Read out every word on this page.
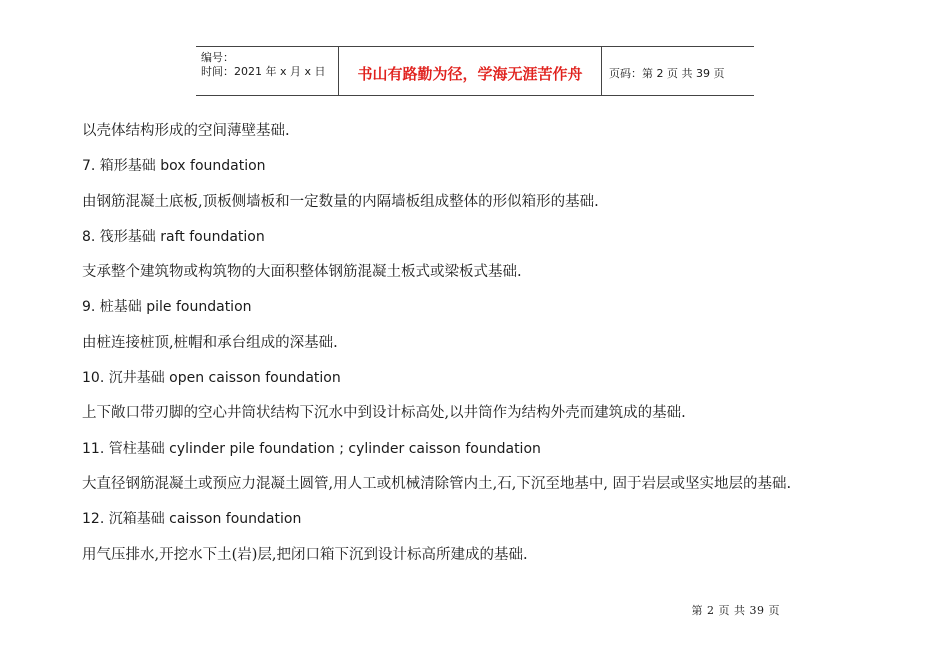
编号：
时间：2021 年 x 月 x 日	书山有路勤为径，学海无涯苦作舟 页码：第 2 页 共 39 页
以壳体结构形成的空间薄壁基础.
7. 箱形基础 box foundation
由钢筋混凝土底板,顶板侧墙板和一定数量的内隔墙板组成整体的形似箱形的基础.
8. 筏形基础 raft foundation
支承整个建筑物或构筑物的大面积整体钢筋混凝土板式或梁板式基础.
9. 桩基础 pile foundation
由桩连接桩顶,桩帽和承台组成的深基础.
10. 沉井基础 open caisson foundation
上下敞口带刃脚的空心井筒状结构下沉水中到设计标高处,以井筒作为结构外壳而建筑成的基础.
11. 管柱基础 cylinder pile foundation ; cylinder caisson foundation
大直径钢筋混凝土或预应力混凝土圆管,用人工或机械清除管内土,石,下沉至地基中, 固于岩层或坚实地层的基础.
12. 沉箱基础 caisson foundation
用气压排水,开挖水下土(岩)层,把闭口箱下沉到设计标高所建成的基础.
第 2 页 共 39 页
